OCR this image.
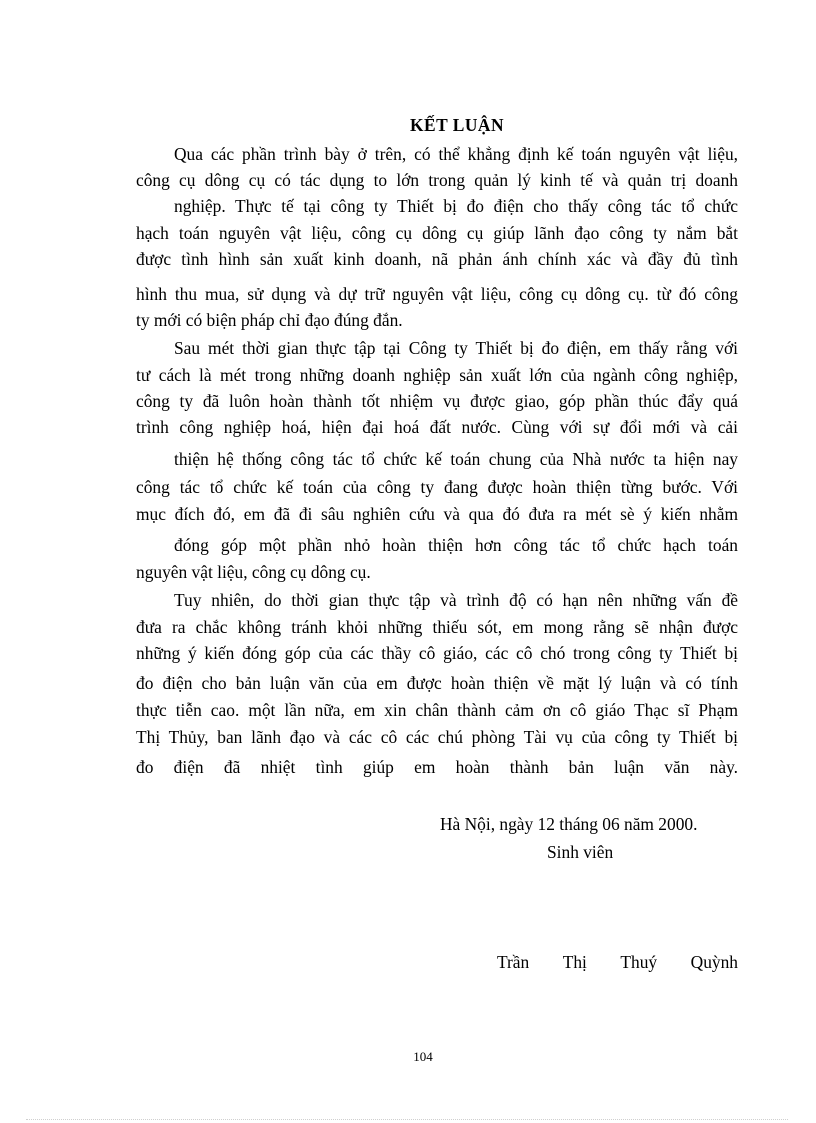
KẾT LUẬN
Qua các phần trình bày ở trên, có thể khẳng định kế toán nguyên vật liệu,
công cụ dông cụ có tác dụng to lớn trong quản lý kinh tế và quản trị doanh
nghiệp. Thực tế tại công ty Thiết bị đo điện cho thấy công tác tổ chức
hạch toán nguyên vật liệu, công cụ dông cụ giúp lãnh đạo công ty nắm bắt
được tình hình sản xuất kinh doanh, nã phản ánh chính xác và đầy đủ tình
hình thu mua, sử dụng và dự trữ nguyên vật liệu, công cụ dông cụ. từ đó công
ty mới có biện pháp chỉ đạo đúng đắn.
Sau mét thời gian thực tập tại Công ty Thiết bị đo điện, em thấy rằng với
tư cách là mét trong những doanh nghiệp sản xuất lớn của ngành công nghiệp,
công ty đã luôn hoàn thành tốt nhiệm vụ được giao, góp phần thúc đẩy quá
trình công nghiệp hoá, hiện đại hoá đất nước. Cùng với sự đổi mới và cải
thiện hệ thống công tác tổ chức kế toán chung của Nhà nước ta hiện nay
công tác tổ chức kế toán của công ty đang được hoàn thiện từng bước. Với
mục đích đó, em đã đi sâu nghiên cứu và qua đó đưa ra mét sè ý kiến nhằm
đóng góp một phần nhỏ hoàn thiện hơn công tác tổ chức hạch toán
nguyên vật liệu, công cụ dông cụ.
Tuy nhiên, do thời gian thực tập và trình độ có hạn nên những vấn đề
đưa ra chắc không tránh khỏi những thiếu sót, em mong rằng sẽ nhận được
những ý kiến đóng góp của các thầy cô giáo, các cô chó trong công ty Thiết bị
đo điện cho bản luận văn của em được hoàn thiện về mặt lý luận và có tính
thực tiễn cao. một lần nữa, em xin chân thành cảm ơn cô giáo Thạc sĩ Phạm
Thị Thủy, ban lãnh đạo và các cô các chú phòng Tài vụ của công ty Thiết bị
đo điện đã nhiệt tình giúp em hoàn thành bản luận văn này.
Hà Nội, ngày 12 tháng 06 năm 2000.
Sinh viên
Trần Thị Thuý Quỳnh
104
